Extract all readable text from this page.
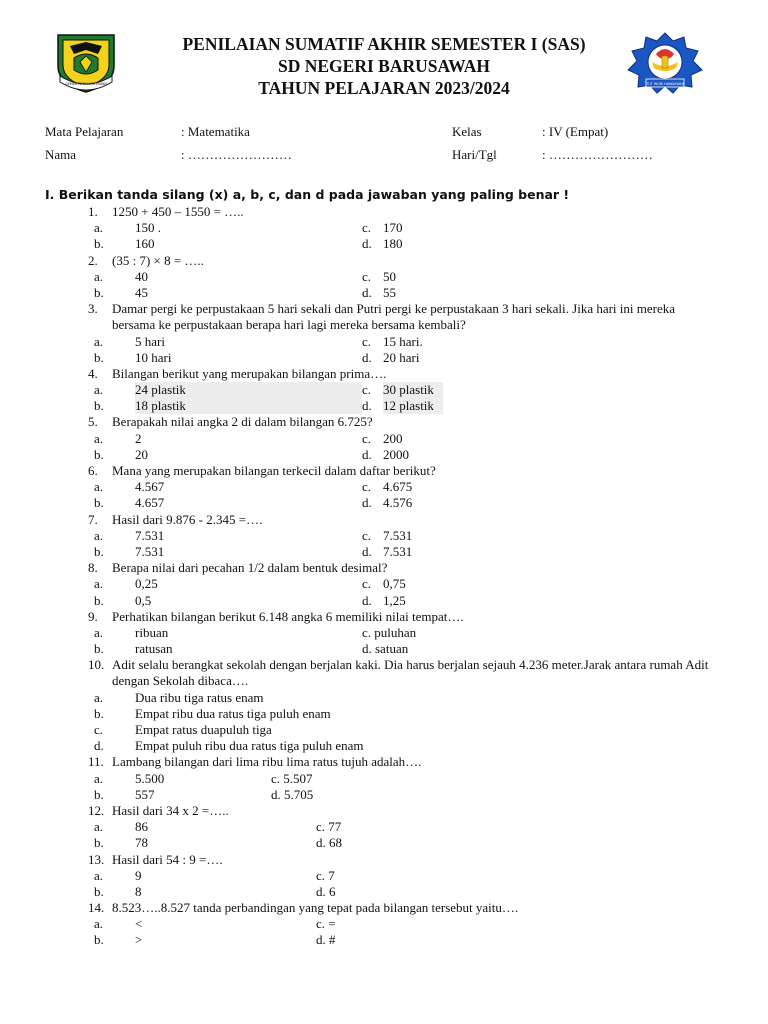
GEMAH RIPAH LOH JINAWI
PENILAIAN SUMATIF AKHIR SEMESTER I (SAS)
SD NEGERI BARUSAWAH
TAHUN PELAJARAN 2023/2024	TUT WURI HANDAYANI
Mata Pelajaran	: Matematika	Kelas	: IV (Empat)
Nama	: ……………………	Hari/Tgl	: ……………………
I. Berikan tanda silang (x) a, b, c, dan d pada jawaban yang paling benar !
1. 1250 + 450 – 1550 = …..
a. 150 .	c. 170
b. 160	d. 180
2. (35 : 7) × 8 = …..
a. 40	c. 50
b. 45	d. 55
3. Damar pergi ke perpustakaan 5 hari sekali dan Putri pergi ke perpustakaan 3 hari sekali. Jika hari ini mereka bersama ke perpustakaan berapa hari lagi mereka bersama kembali?
a. 5 hari	c. 15 hari.
b. 10 hari	d. 20 hari
4. Bilangan berikut yang merupakan bilangan prima….
a. 24 plastik	c. 30 plastik
b. 18 plastik	d. 12 plastik
5. Berapakah nilai angka 2 di dalam bilangan 6.725?
a. 2	c. 200
b. 20	d. 2000
6. Mana yang merupakan bilangan terkecil dalam daftar berikut?
a. 4.567	c. 4.675
b. 4.657	d. 4.576
7. Hasil dari 9.876 - 2.345 =….
a. 7.531	c. 7.531
b. 7.531	d. 7.531
8. Berapa nilai dari pecahan 1/2 dalam bentuk desimal?
a. 0,25	c. 0,75
b. 0,5	d. 1,25
9. Perhatikan bilangan berikut 6.148 angka 6 memiliki nilai tempat….
a. ribuan	c. puluhan
b. ratusan	d. satuan
10. Adit selalu berangkat sekolah dengan berjalan kaki. Dia harus berjalan sejauh 4.236 meter.Jarak antara rumah Adit dengan Sekolah dibaca….
a. Dua ribu tiga ratus enam
b. Empat ribu dua ratus tiga puluh enam
c. Empat ratus duapuluh tiga
d. Empat puluh ribu dua ratus tiga puluh enam
11. Lambang bilangan dari lima ribu lima ratus tujuh adalah….
a. 5.500	c. 5.507
b. 557	d. 5.705
12. Hasil dari 34 x 2 =…..
a. 86	c. 77
b. 78	d. 68
13. Hasil dari 54 : 9 =….
a. 9	c. 7
b. 8	d. 6
14. 8.523…..8.527 tanda perbandingan yang tepat pada bilangan tersebut yaitu….
a. <	c. =
b. >	d. #
